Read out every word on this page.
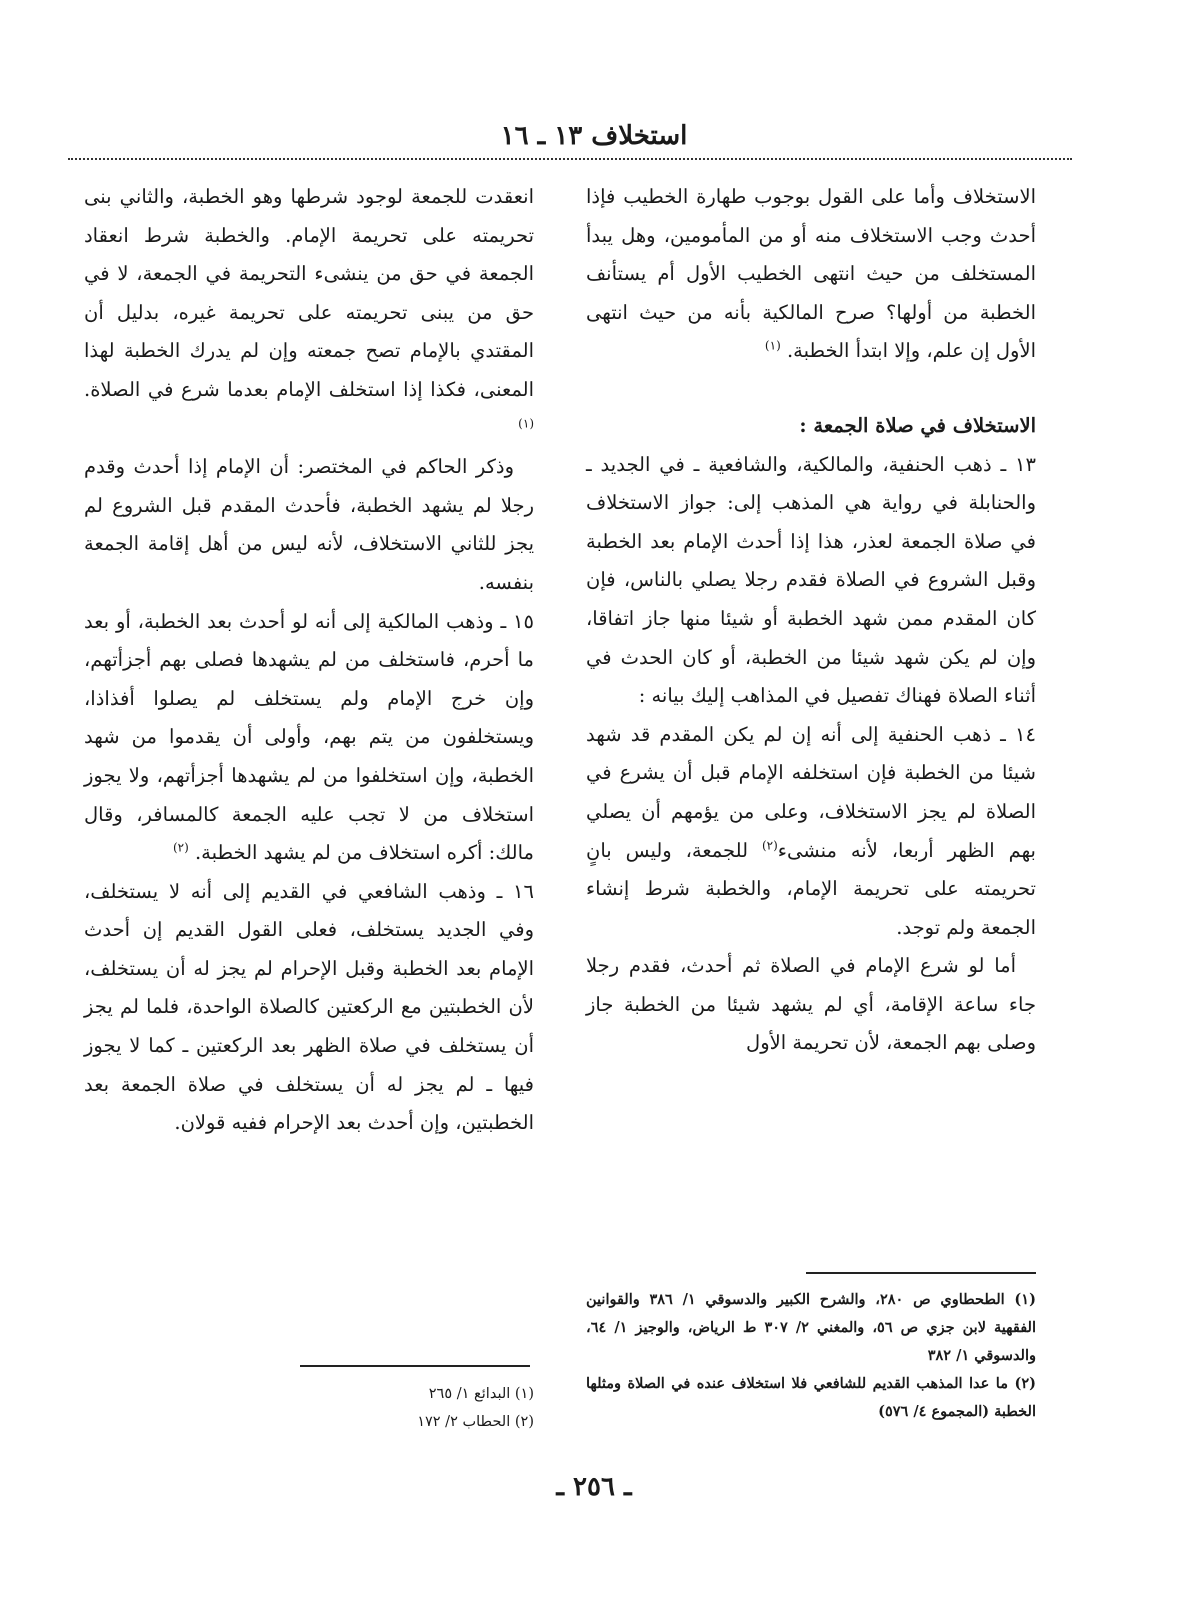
استخلاف ١٣ ـ ١٦

الاستخلاف وأما على القول بوجوب طهارة الخطيب فإذا أحدث وجب الاستخلاف منه أو من المأمومين، وهل يبدأ المستخلف من حيث انتهى الخطيب الأول أم يستأنف الخطبة من أولها؟ صرح المالكية بأنه من حيث انتهى الأول إن علم، وإلا ابتدأ الخطبة. $^{(١)}$

الاستخلاف في صلاة الجمعة :

١٣ ـ ذهب الحنفية، والمالكية، والشافعية ـ في الجديد ـ والحنابلة في رواية هي المذهب إلى: جواز الاستخلاف في صلاة الجمعة لعذر، هذا إذا أحدث الإمام بعد الخطبة وقبل الشروع في الصلاة فقدم رجلا يصلي بالناس، فإن كان المقدم ممن شهد الخطبة أو شيئا منها جاز اتفاقا، وإن لم يكن شهد شيئا من الخطبة، أو كان الحدث في أثناء الصلاة فهناك تفصيل في المذاهب إليك بيانه :

١٤ ـ ذهب الحنفية إلى أنه إن لم يكن المقدم قد شهد شيئا من الخطبة فإن استخلفه الإمام قبل أن يشرع في الصلاة لم يجز الاستخلاف، وعلى من يؤمهم أن يصلي بهم الظهر أربعا، لأنه منشىء$^{(٢)}$ للجمعة، وليس بانٍ تحريمته على تحريمة الإمام، والخطبة شرط إنشاء الجمعة ولم توجد.

أما لو شرع الإمام في الصلاة ثم أحدث، فقدم رجلا جاء ساعة الإقامة، أي لم يشهد شيئا من الخطبة جاز وصلى بهم الجمعة، لأن تحريمة الأول

انعقدت للجمعة لوجود شرطها وهو الخطبة، والثاني بنى تحريمته على تحريمة الإمام. والخطبة شرط انعقاد الجمعة في حق من ينشىء التحريمة في الجمعة، لا في حق من يبنى تحريمته على تحريمة غيره، بدليل أن المقتدي بالإمام تصح جمعته وإن لم يدرك الخطبة لهذا المعنى، فكذا إذا استخلف الإمام بعدما شرع في الصلاة. $^{(١)}$

وذكر الحاكم في المختصر: أن الإمام إذا أحدث وقدم رجلا لم يشهد الخطبة، فأحدث المقدم قبل الشروع لم يجز للثاني الاستخلاف، لأنه ليس من أهل إقامة الجمعة بنفسه.

١٥ ـ وذهب المالكية إلى أنه لو أحدث بعد الخطبة، أو بعد ما أحرم، فاستخلف من لم يشهدها فصلى بهم أجزأتهم، وإن خرج الإمام ولم يستخلف لم يصلوا أفذاذا، ويستخلفون من يتم بهم، وأولى أن يقدموا من شهد الخطبة، وإن استخلفوا من لم يشهدها أجزأتهم، ولا يجوز استخلاف من لا تجب عليه الجمعة كالمسافر، وقال مالك: أكره استخلاف من لم يشهد الخطبة. $^{(٢)}$

١٦ ـ وذهب الشافعي في القديم إلى أنه لا يستخلف، وفي الجديد يستخلف، فعلى القول القديم إن أحدث الإمام بعد الخطبة وقبل الإحرام لم يجز له أن يستخلف، لأن الخطبتين مع الركعتين كالصلاة الواحدة، فلما لم يجز أن يستخلف في صلاة الظهر بعد الركعتين ـ كما لا يجوز فيها ـ لم يجز له أن يستخلف في صلاة الجمعة بعد الخطبتين، وإن أحدث بعد الإحرام ففيه قولان.

(١) الطحطاوي ص ٢٨٠، والشرح الكبير والدسوقي ١/ ٣٨٦ والقوانين الفقهية لابن جزي ص ٥٦، والمغني ٢/ ٣٠٧ ط الرياض، والوجيز ١/ ٦٤، والدسوقي ١/ ٣٨٢

(٢) ما عدا المذهب القديم للشافعي فلا استخلاف عنده في الصلاة ومثلها الخطبة (المجموع ٤/ ٥٧٦)

(١) البدائع ١/ ٢٦٥

(٢) الحطاب ٢/ ١٧٢

ـ ٢٥٦ ـ
